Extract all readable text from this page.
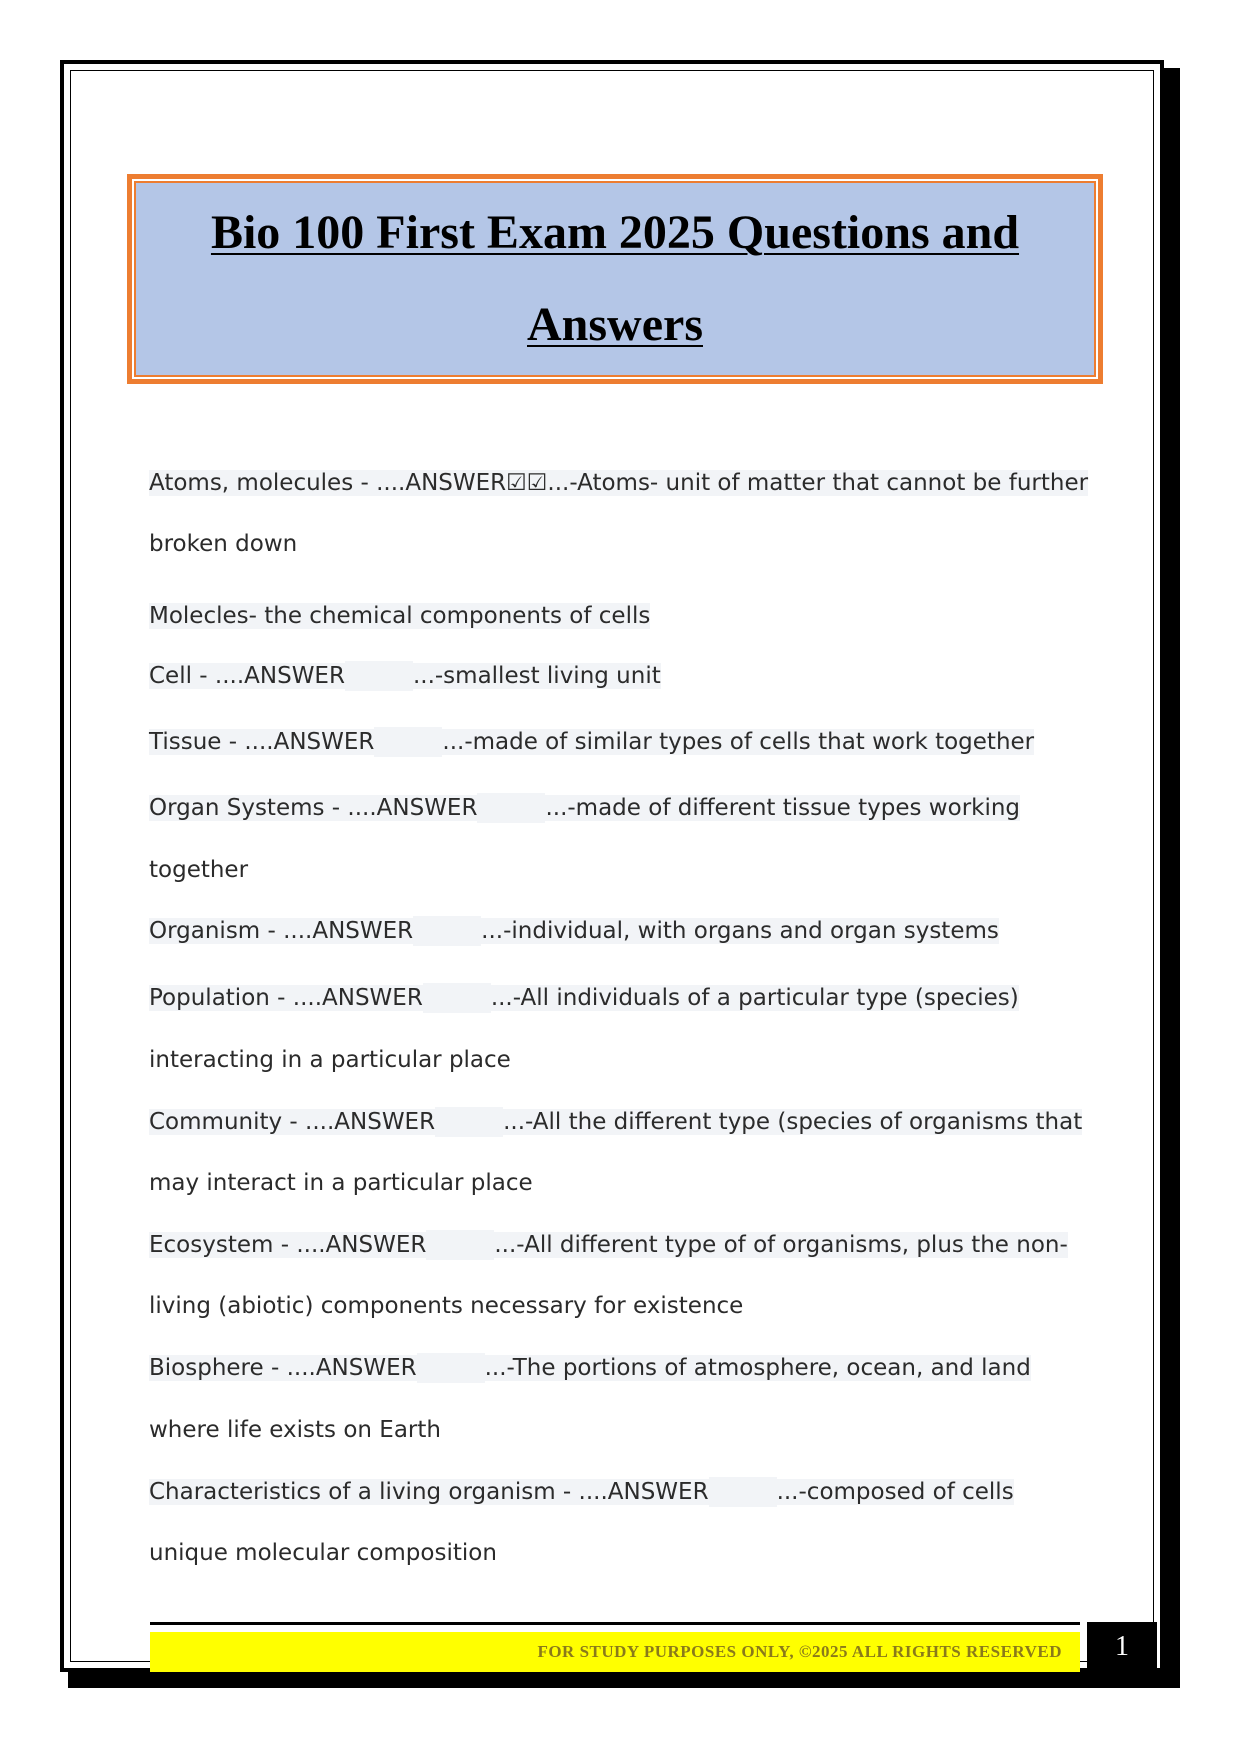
Bio 100 First Exam 2025 Questions and Answers
Atoms, molecules - ....ANSWER☑☑...-Atoms- unit of matter that cannot be further
broken down
Molecles- the chemical components of cells
Cell - ....ANSWER	...-smallest living unit
Tissue - ....ANSWER	...-made of similar types of cells that work together
Organ Systems - ....ANSWER	...-made of different tissue types working
together
Organism - ....ANSWER	...-individual, with organs and organ systems
Population - ....ANSWER	...-All individuals of a particular type (species)
interacting in a particular place
Community - ....ANSWER	...-All the different type (species of organisms that
may interact in a particular place
Ecosystem - ....ANSWER	...-All different type of of organisms, plus the non-
living (abiotic) components necessary for existence
Biosphere - ....ANSWER	...-The portions of atmosphere, ocean, and land
where life exists on Earth
Characteristics of a living organism - ....ANSWER	...-composed of cells
unique molecular composition
FOR STUDY PURPOSES ONLY, ©2025 ALL RIGHTS RESERVED 1
